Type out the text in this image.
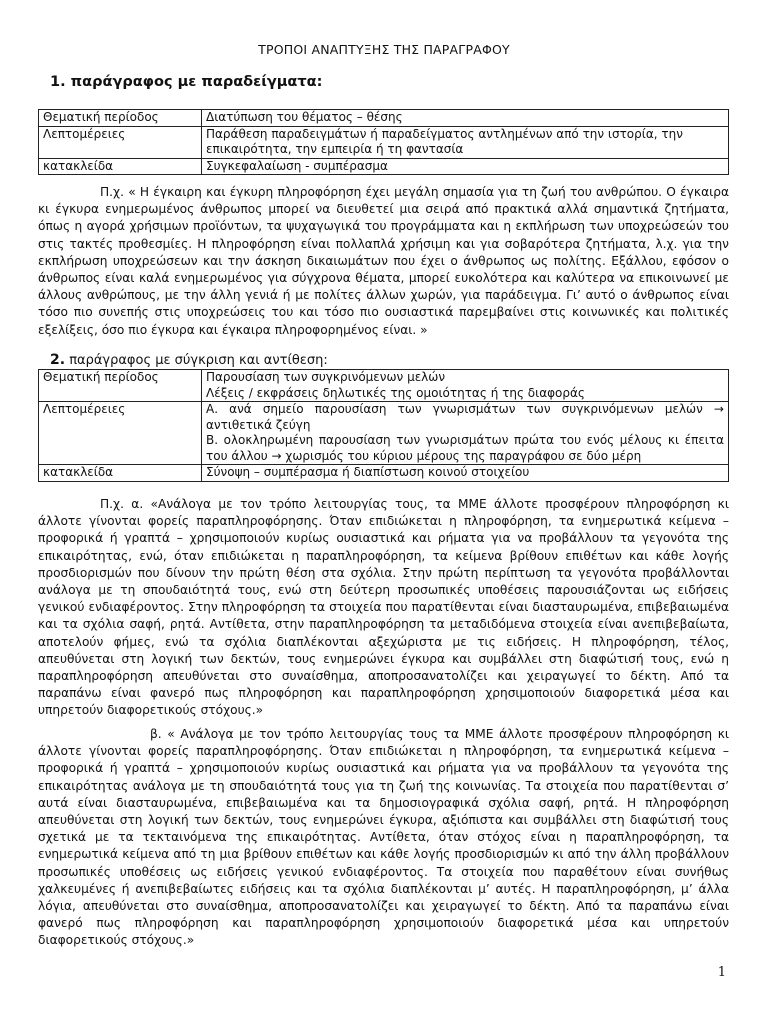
ΤΡΟΠΟΙ ΑΝΑΠΤΥΞΗΣ ΤΗΣ ΠΑΡΑΓΡΑΦΟΥ
1. παράγραφος με παραδείγματα:
Θεματική περίοδος	Διατύπωση του θέματος – θέσης
Λεπτομέρειες	Παράθεση παραδειγμάτων ή παραδείγματος αντλημένων από την ιστορία, την επικαιρότητα, την εμπειρία ή τη φαντασία
κατακλείδα	Συγκεφαλαίωση - συμπέρασμα

Π.χ. « Η έγκαιρη και έγκυρη πληροφόρηση έχει μεγάλη σημασία για τη ζωή του ανθρώπου. Ο έγκαιρα κι έγκυρα ενημερωμένος άνθρωπος μπορεί να διευθετεί μια σειρά από πρακτικά αλλά σημαντικά ζητήματα, όπως η αγορά χρήσιμων προϊόντων, τα ψυχαγωγικά του προγράμματα και η εκπλήρωση των υποχρεώσεών του στις τακτές προθεσμίες. Η πληροφόρηση είναι πολλαπλά χρήσιμη και για σοβαρότερα ζητήματα, λ.χ. για την εκπλήρωση υποχρεώσεων και την άσκηση δικαιωμάτων που έχει ο άνθρωπος ως πολίτης. Εξάλλου, εφόσον ο άνθρωπος είναι καλά ενημερωμένος για σύγχρονα θέματα, μπορεί ευκολότερα και καλύτερα να επικοινωνεί με άλλους ανθρώπους, με την άλλη γενιά ή με πολίτες άλλων χωρών, για παράδειγμα. Γι’ αυτό ο άνθρωπος είναι τόσο πιο συνεπής στις υποχρεώσεις του και τόσο πιο ουσιαστικά παρεμβαίνει στις κοινωνικές και πολιτικές εξελίξεις, όσο πιο έγκυρα και έγκαιρα πληροφορημένος είναι. »

2. παράγραφος με σύγκριση και αντίθεση:
Θεματική περίοδος	Παρουσίαση των συγκρινόμενων μελών
Λέξεις / εκφράσεις δηλωτικές της ομοιότητας ή της διαφοράς

Λεπτομέρειες	Α. ανά σημείο παρουσίαση των γνωρισμάτων των συγκρινόμενων μελών → αντιθετικά ζεύγη
Β. ολοκληρωμένη παρουσίαση των γνωρισμάτων πρώτα του ενός μέλους κι έπειτα του άλλου → χωρισμός του κύριου μέρους της παραγράφου σε δύο μέρη

κατακλείδα	Σύνοψη – συμπέρασμα ή διαπίστωση κοινού στοιχείου

Π.χ. α. «Ανάλογα με τον τρόπο λειτουργίας τους, τα ΜΜΕ άλλοτε προσφέρουν πληροφόρηση κι άλλοτε γίνονται φορείς παραπληροφόρησης. Όταν επιδιώκεται η πληροφόρηση, τα ενημερωτικά κείμενα – προφορικά ή γραπτά – χρησιμοποιούν κυρίως ουσιαστικά και ρήματα για να προβάλλουν τα γεγονότα της επικαιρότητας, ενώ, όταν επιδιώκεται η παραπληροφόρηση, τα κείμενα βρίθουν επιθέτων και κάθε λογής προσδιορισμών που δίνουν την πρώτη θέση στα σχόλια. Στην πρώτη περίπτωση τα γεγονότα προβάλλονται ανάλογα με τη σπουδαιότητά τους, ενώ στη δεύτερη προσωπικές υποθέσεις παρουσιάζονται ως ειδήσεις γενικού ενδιαφέροντος. Στην πληροφόρηση τα στοιχεία που παρατίθενται είναι διασταυρωμένα, επιβεβαιωμένα και τα σχόλια σαφή, ρητά. Αντίθετα, στην παραπληροφόρηση τα μεταδιδόμενα στοιχεία είναι ανεπιβεβαίωτα, αποτελούν φήμες, ενώ τα σχόλια διαπλέκονται αξεχώριστα με τις ειδήσεις. Η πληροφόρηση, τέλος, απευθύνεται στη λογική των δεκτών, τους ενημερώνει έγκυρα και συμβάλλει στη διαφώτισή τους, ενώ η παραπληροφόρηση απευθύνεται στο συναίσθημα, αποπροσανατολίζει και χειραγωγεί το δέκτη. Από τα παραπάνω είναι φανερό πως πληροφόρηση και παραπληροφόρηση χρησιμοποιούν διαφορετικά μέσα και υπηρετούν διαφορετικούς στόχους.»

β. « Ανάλογα με τον τρόπο λειτουργίας τους τα ΜΜΕ άλλοτε προσφέρουν πληροφόρηση κι άλλοτε γίνονται φορείς παραπληροφόρησης. Όταν επιδιώκεται η πληροφόρηση, τα ενημερωτικά κείμενα – προφορικά ή γραπτά – χρησιμοποιούν κυρίως ουσιαστικά και ρήματα για να προβάλλουν τα γεγονότα της επικαιρότητας ανάλογα με τη σπουδαιότητά τους για τη ζωή της κοινωνίας. Τα στοιχεία που παρατίθενται σ’ αυτά είναι διασταυρωμένα, επιβεβαιωμένα και τα δημοσιογραφικά σχόλια σαφή, ρητά. Η πληροφόρηση απευθύνεται στη λογική των δεκτών, τους ενημερώνει έγκυρα, αξιόπιστα και συμβάλλει στη διαφώτισή τους σχετικά με τα τεκταινόμενα της επικαιρότητας. Αντίθετα, όταν στόχος είναι η παραπληροφόρηση, τα ενημερωτικά κείμενα από τη μια βρίθουν επιθέτων και κάθε λογής προσδιορισμών κι από την άλλη προβάλλουν προσωπικές υποθέσεις ως ειδήσεις γενικού ενδιαφέροντος. Τα στοιχεία που παραθέτουν είναι συνήθως χαλκευμένες ή ανεπιβεβαίωτες ειδήσεις και τα σχόλια διαπλέκονται μ’ αυτές. Η παραπληροφόρηση, μ’ άλλα λόγια, απευθύνεται στο συναίσθημα, αποπροσανατολίζει και χειραγωγεί το δέκτη. Από τα παραπάνω είναι φανερό πως πληροφόρηση και παραπληροφόρηση χρησιμοποιούν διαφορετικά μέσα και υπηρετούν διαφορετικούς στόχους.»

1
